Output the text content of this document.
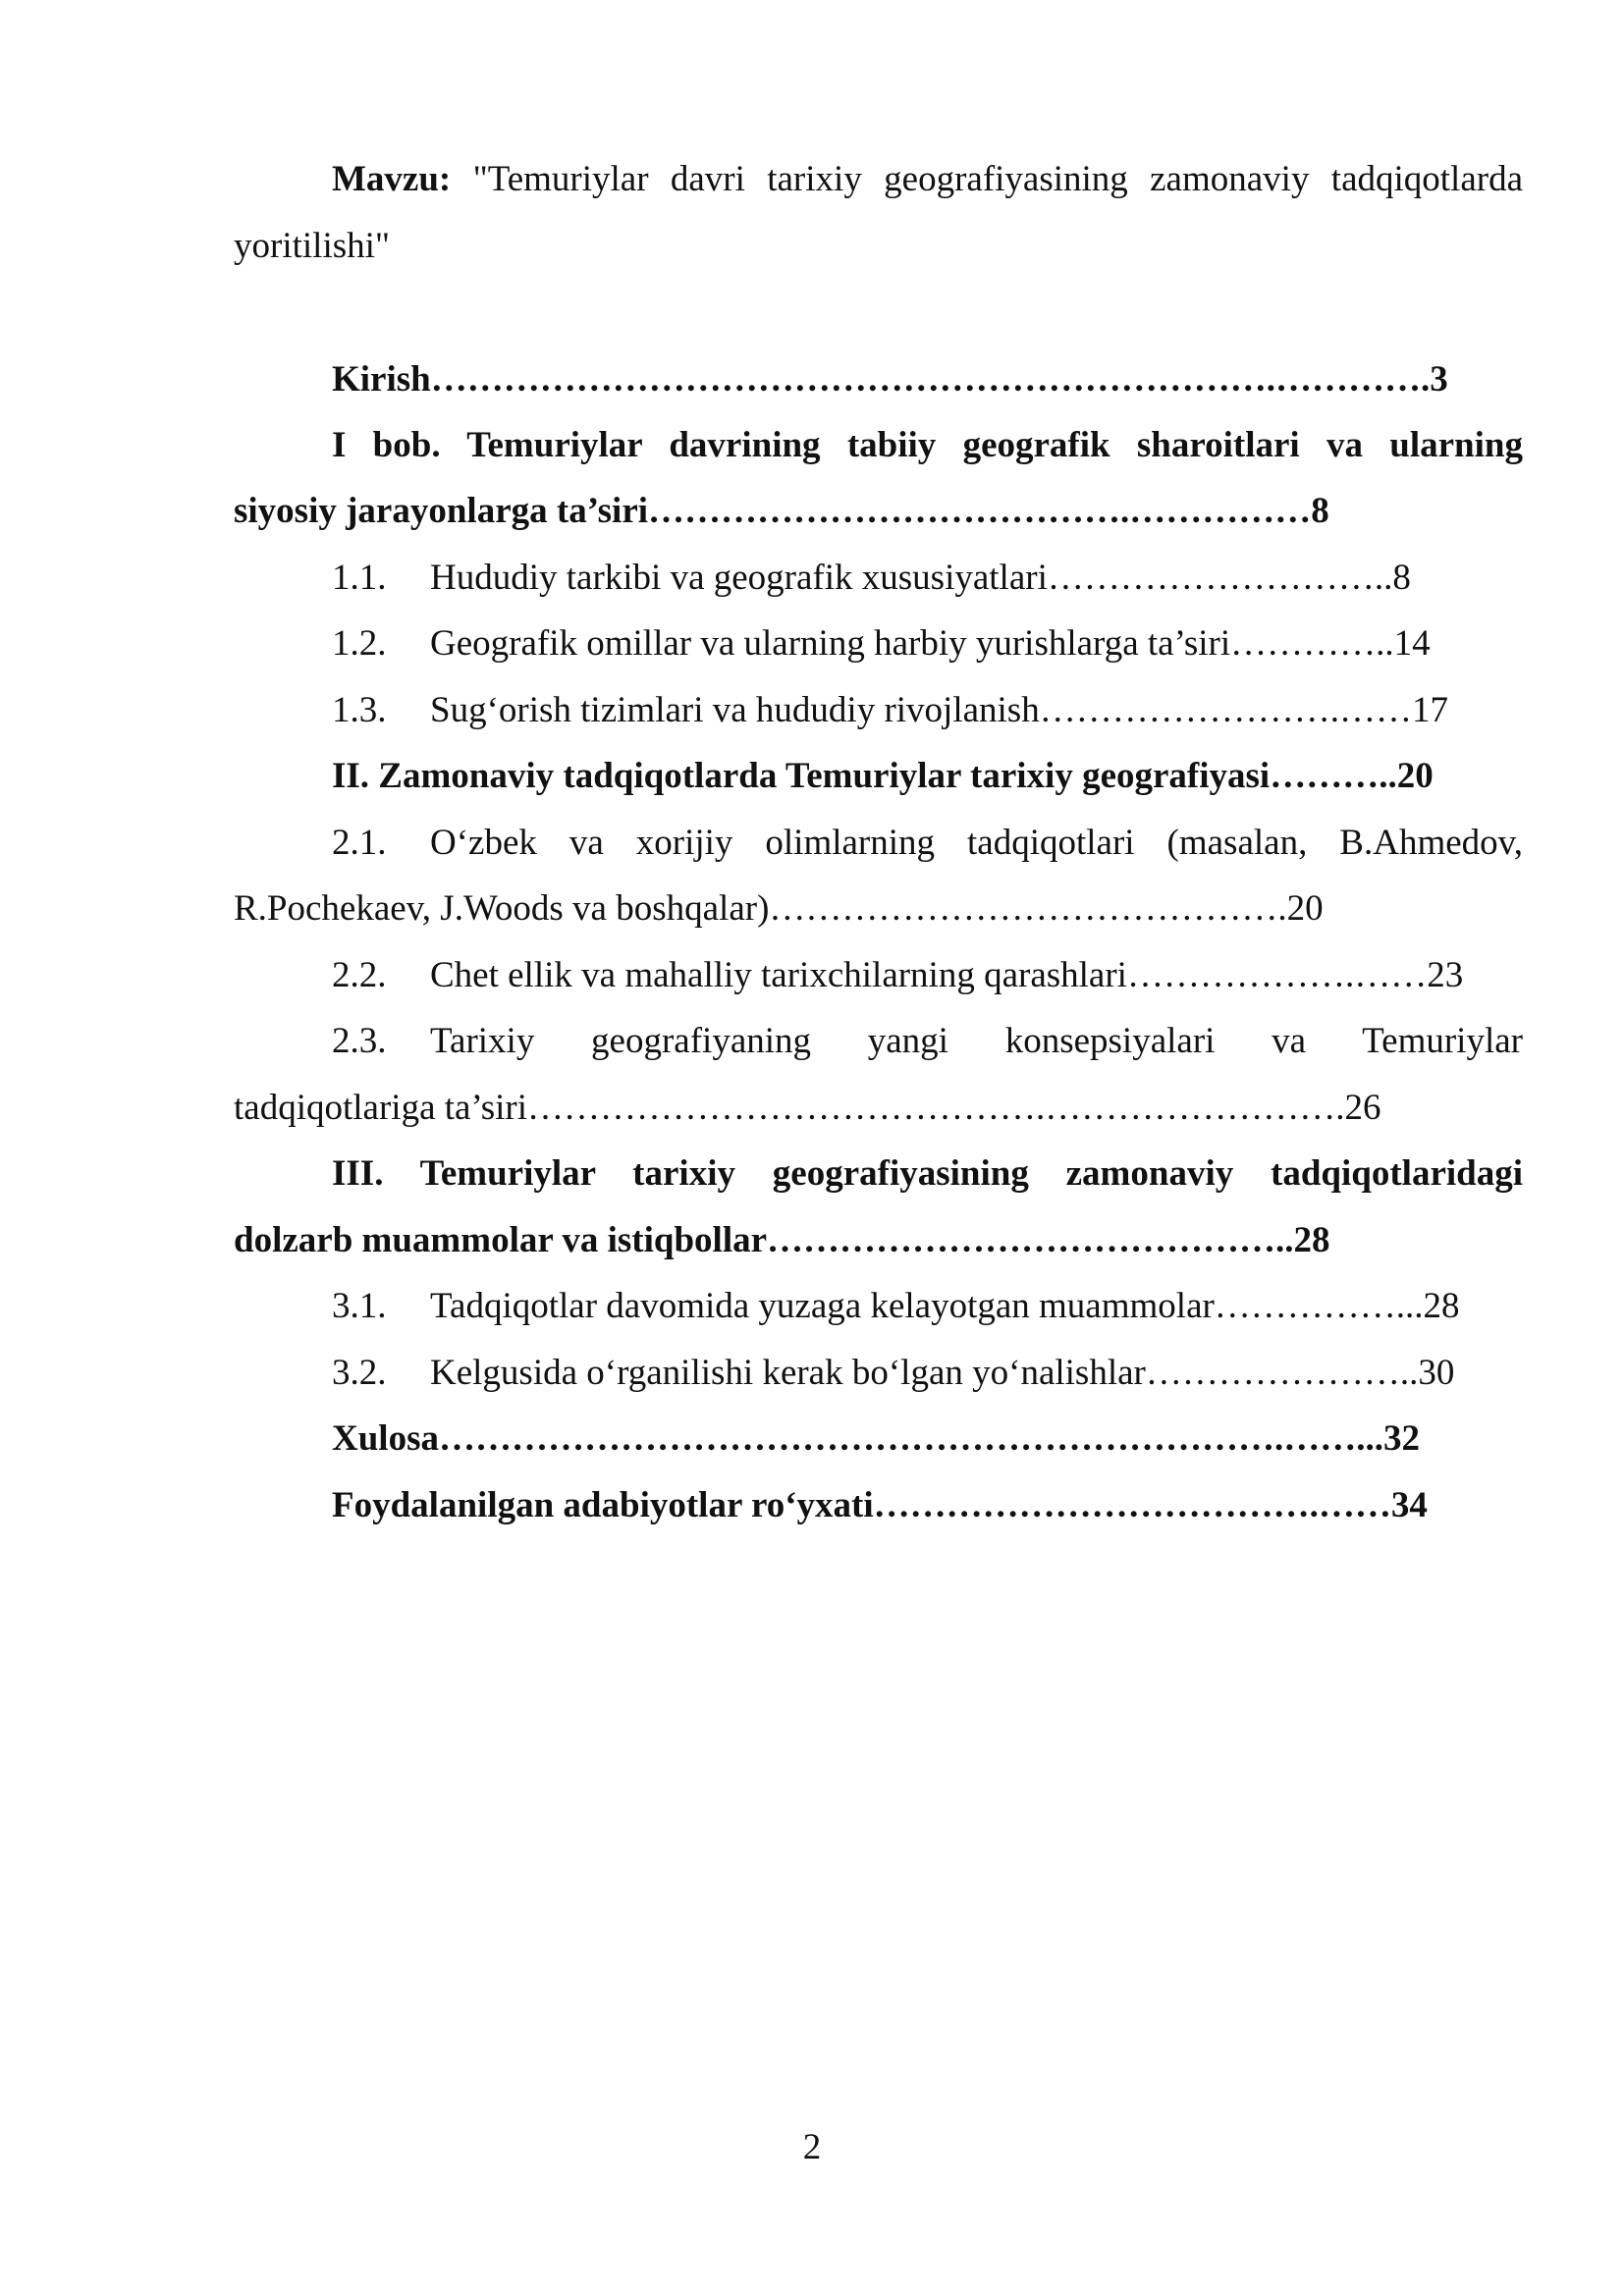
Mavzu: "Temuriylar davri tarixiy geografiyasining zamonaviy tadqiqotlarda

yoritilishi"

Kirish…………………………………………………………….………….3

I bob. Temuriylar davrining tabiiy geografik sharoitlari va ularning

siyosiy jarayonlarga ta’siri………………………………….……………8

1.1. Hududiy tarkibi va geografik xususiyatlari………………………..8

1.2. Geografik omillar va ularning harbiy yurishlarga ta’siri…………..14

1.3. Sug‘orish tizimlari va hududiy rivojlanish…………………….……17

II. Zamonaviy tadqiqotlarda Temuriylar tarixiy geografiyasi………..20

2.1. O‘zbek va xorijiy olimlarning tadqiqotlari (masalan, B.Ahmedov,

R.Pochekaev, J.Woods va boshqalar)…………………………………….20

2.2. Chet ellik va mahalliy tarixchilarning qarashlari……………….……23

2.3. Tarixiy geografiyaning yangi konsepsiyalari va Temuriylar

tadqiqotlariga ta’siri…………………………………….…………………….26

III. Temuriylar tarixiy geografiyasining zamonaviy tadqiqotlaridagi

dolzarb muammolar va istiqbollar……………………………………..28

3.1. Tadqiqotlar davomida yuzaga kelayotgan muammolar……………...28

3.2. Kelgusida o‘rganilishi kerak bo‘lgan yo‘nalishlar…………………..30

Xulosa…………………………………………………………….……...32

Foydalanilgan adabiyotlar ro‘yxati……………………………….……34

2
